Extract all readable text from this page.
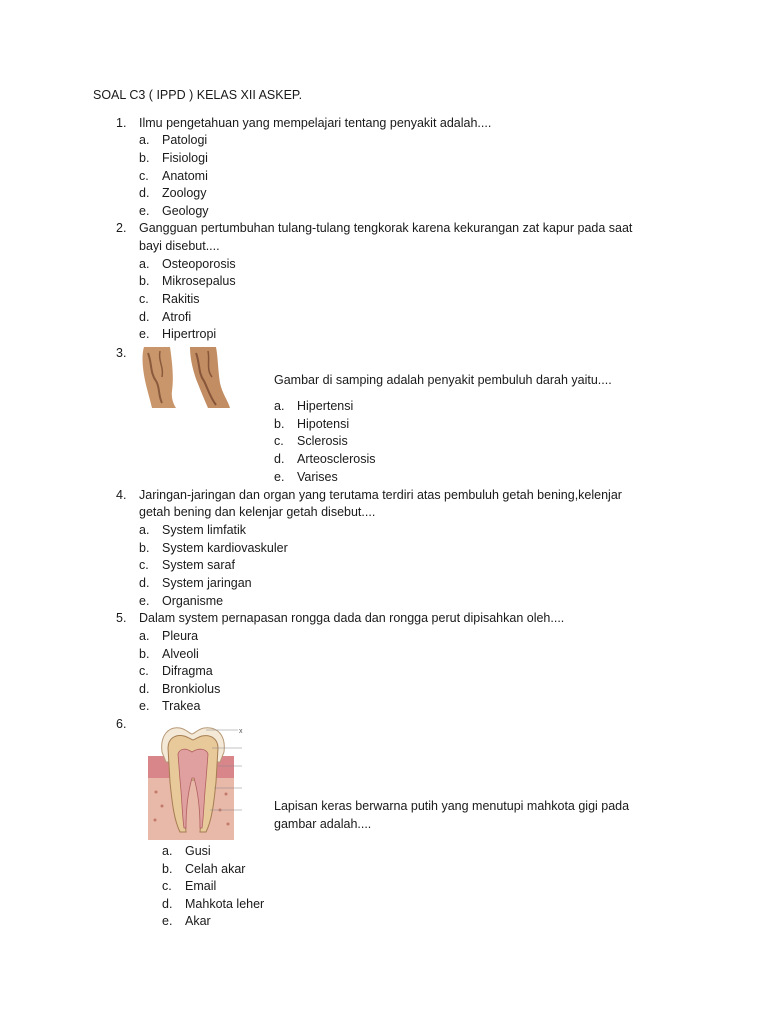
SOAL C3 ( IPPD ) KELAS XII ASKEP.
1. Ilmu pengetahuan yang mempelajari tentang penyakit adalah....
a. Patologi
b. Fisiologi
c. Anatomi
d. Zoology
e. Geology
2. Gangguan pertumbuhan tulang-tulang tengkorak karena kekurangan zat kapur pada saat
bayi disebut....
a. Osteoporosis
b. Mikrosepalus
c. Rakitis
d. Atrofi
e. Hipertropi
3.
Gambar di samping adalah penyakit pembuluh darah yaitu....
a. Hipertensi
b. Hipotensi
c. Sclerosis
d. Arteosclerosis
e. Varises
4. Jaringan-jaringan dan organ yang terutama terdiri atas pembuluh getah bening,kelenjar
getah bening dan kelenjar getah disebut....
a. System limfatik
b. System kardiovaskuler
c. System saraf
d. System jaringan
e. Organisme
5. Dalam system pernapasan rongga dada dan rongga perut dipisahkan oleh....
a. Pleura
b. Alveoli
c. Difragma
d. Bronkiolus
e. Trakea
6.
x
Lapisan keras berwarna putih yang menutupi mahkota gigi pada
gambar adalah....
a. Gusi
b. Celah akar
c. Email
d. Mahkota leher
e. Akar
